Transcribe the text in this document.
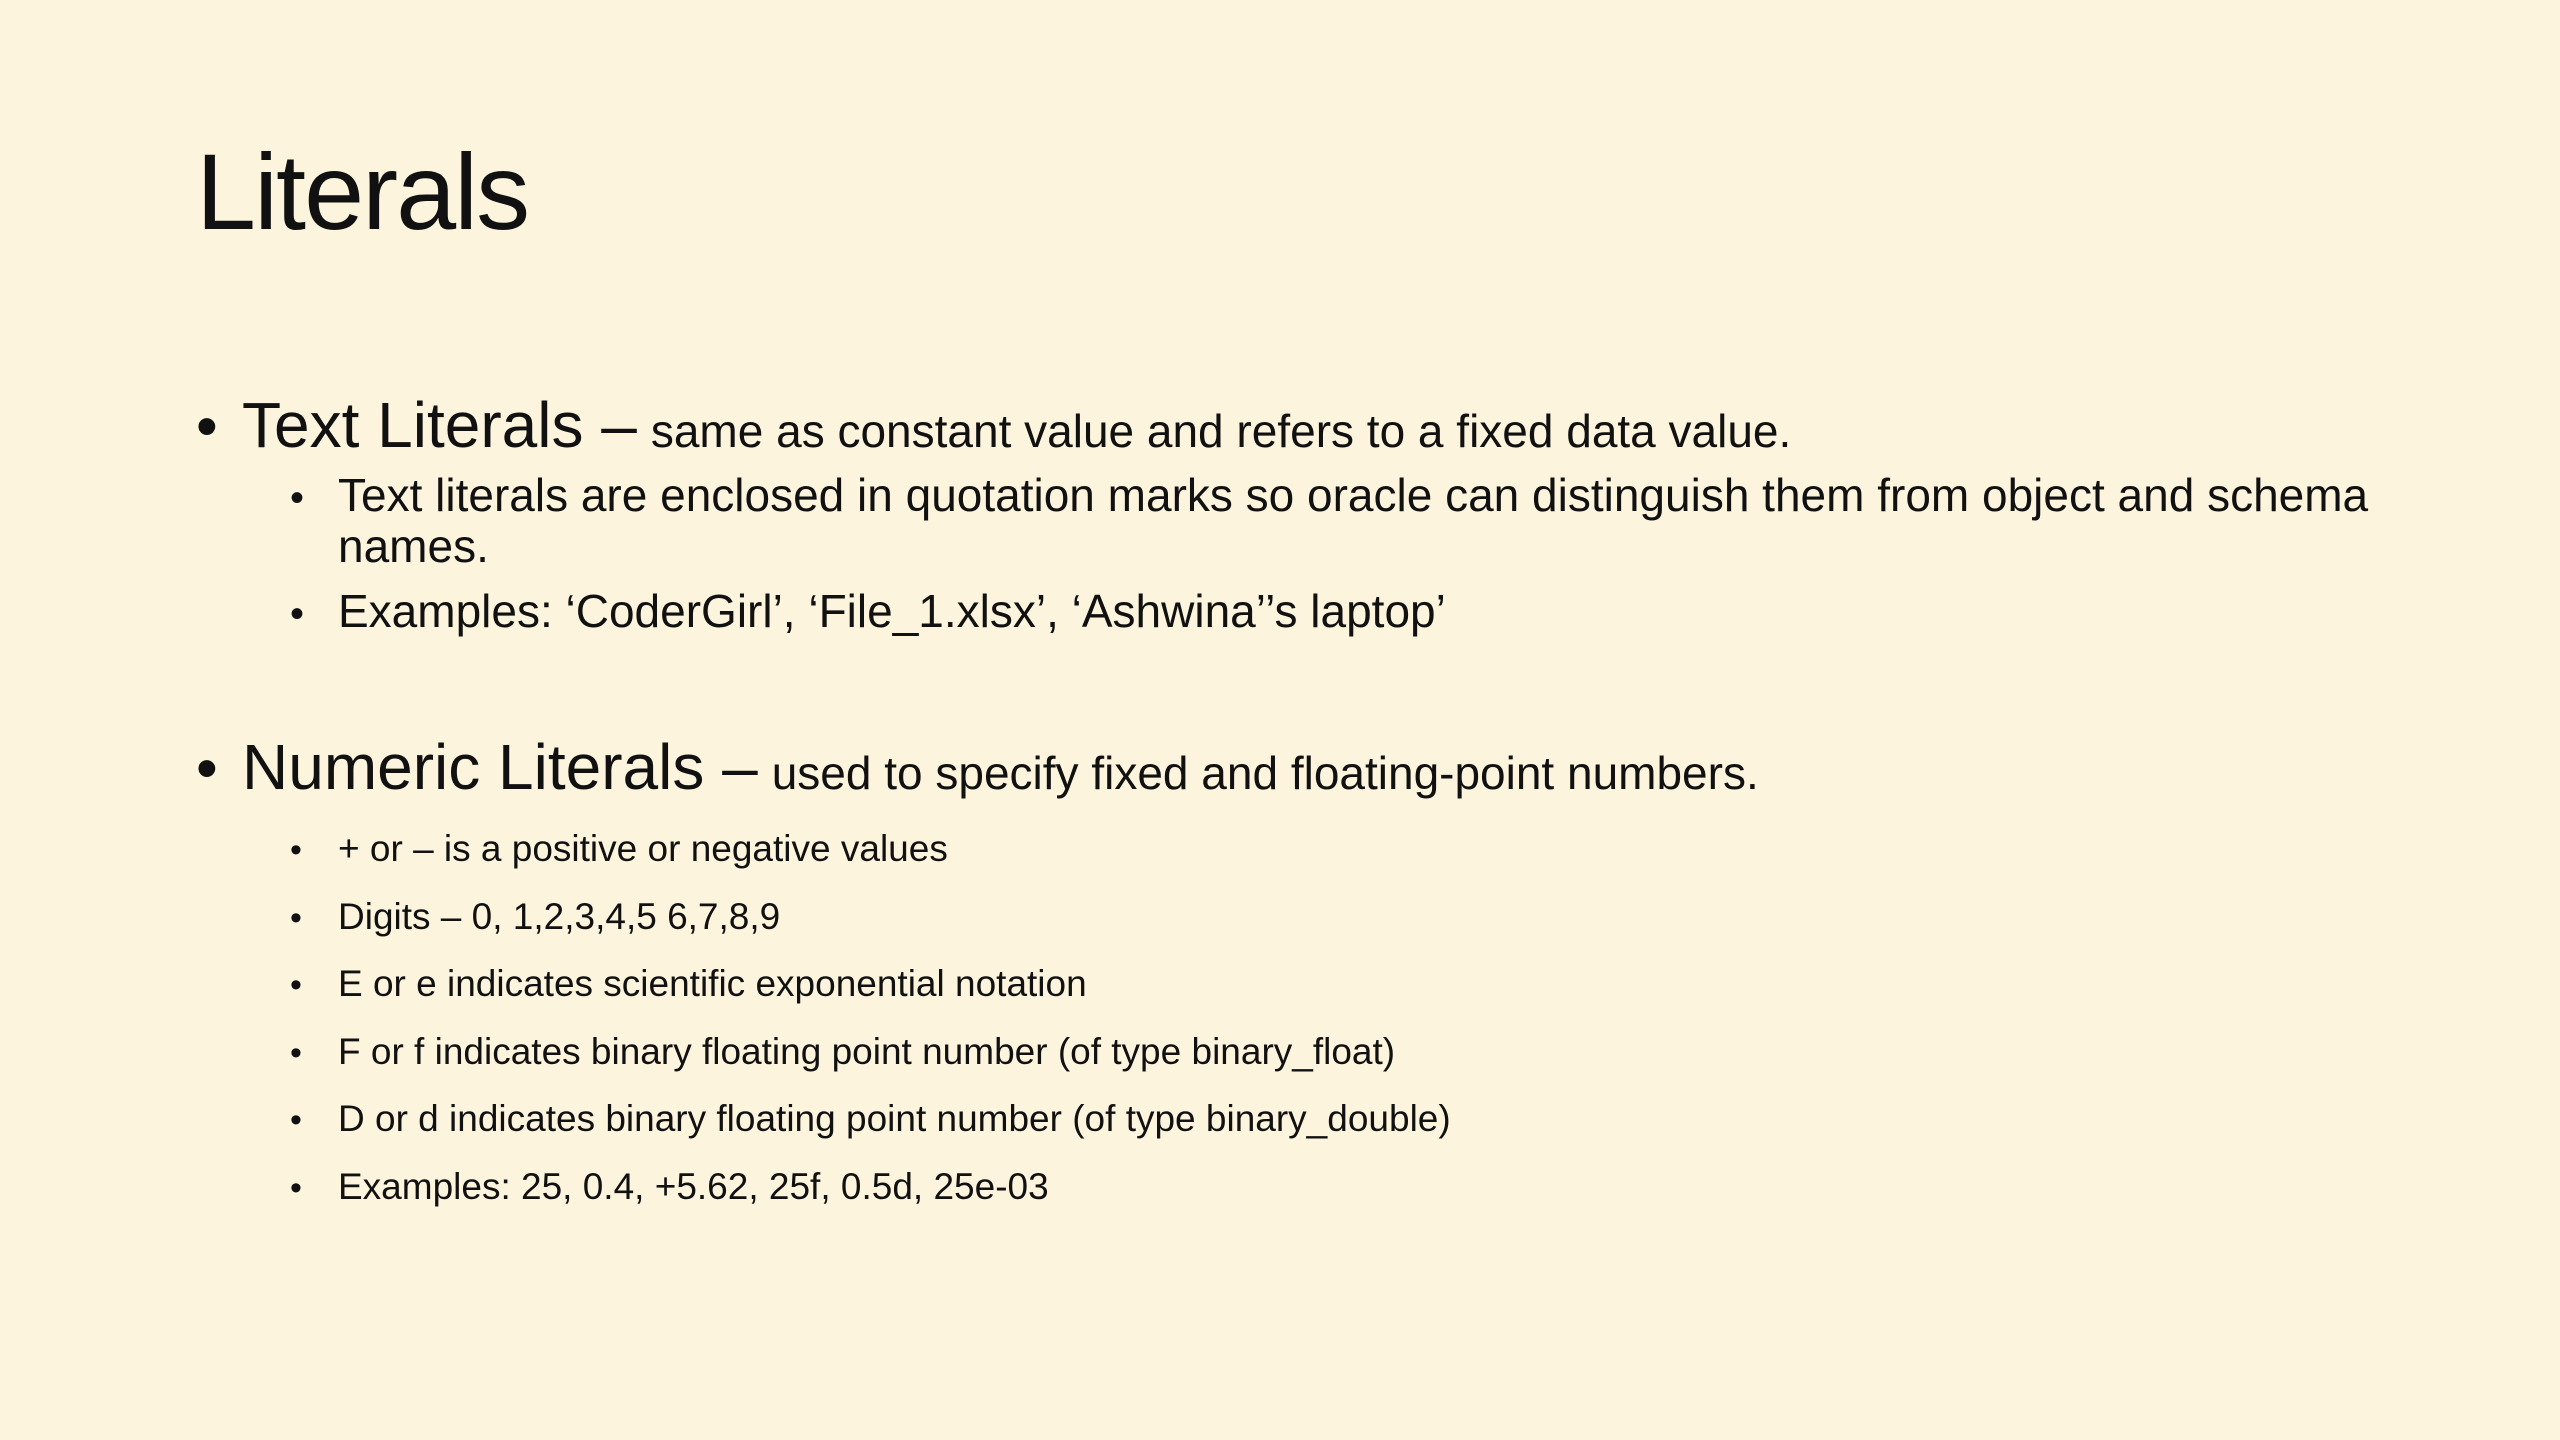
Literals
• Text Literals – same as constant value and refers to a fixed data value.
• Text literals are enclosed in quotation marks so oracle can distinguish them from object and schema names.
• Examples: ‘CoderGirl’, ‘File_1.xlsx’, ‘Ashwina’’s laptop’
• Numeric Literals – used to specify fixed and floating-point numbers.
• + or – is a positive or negative values
• Digits – 0, 1,2,3,4,5 6,7,8,9
• E or e indicates scientific exponential notation
• F or f indicates binary floating point number (of type binary_float)
• D or d indicates binary floating point number (of type binary_double)
• Examples: 25, 0.4, +5.62, 25f, 0.5d, 25e-03
